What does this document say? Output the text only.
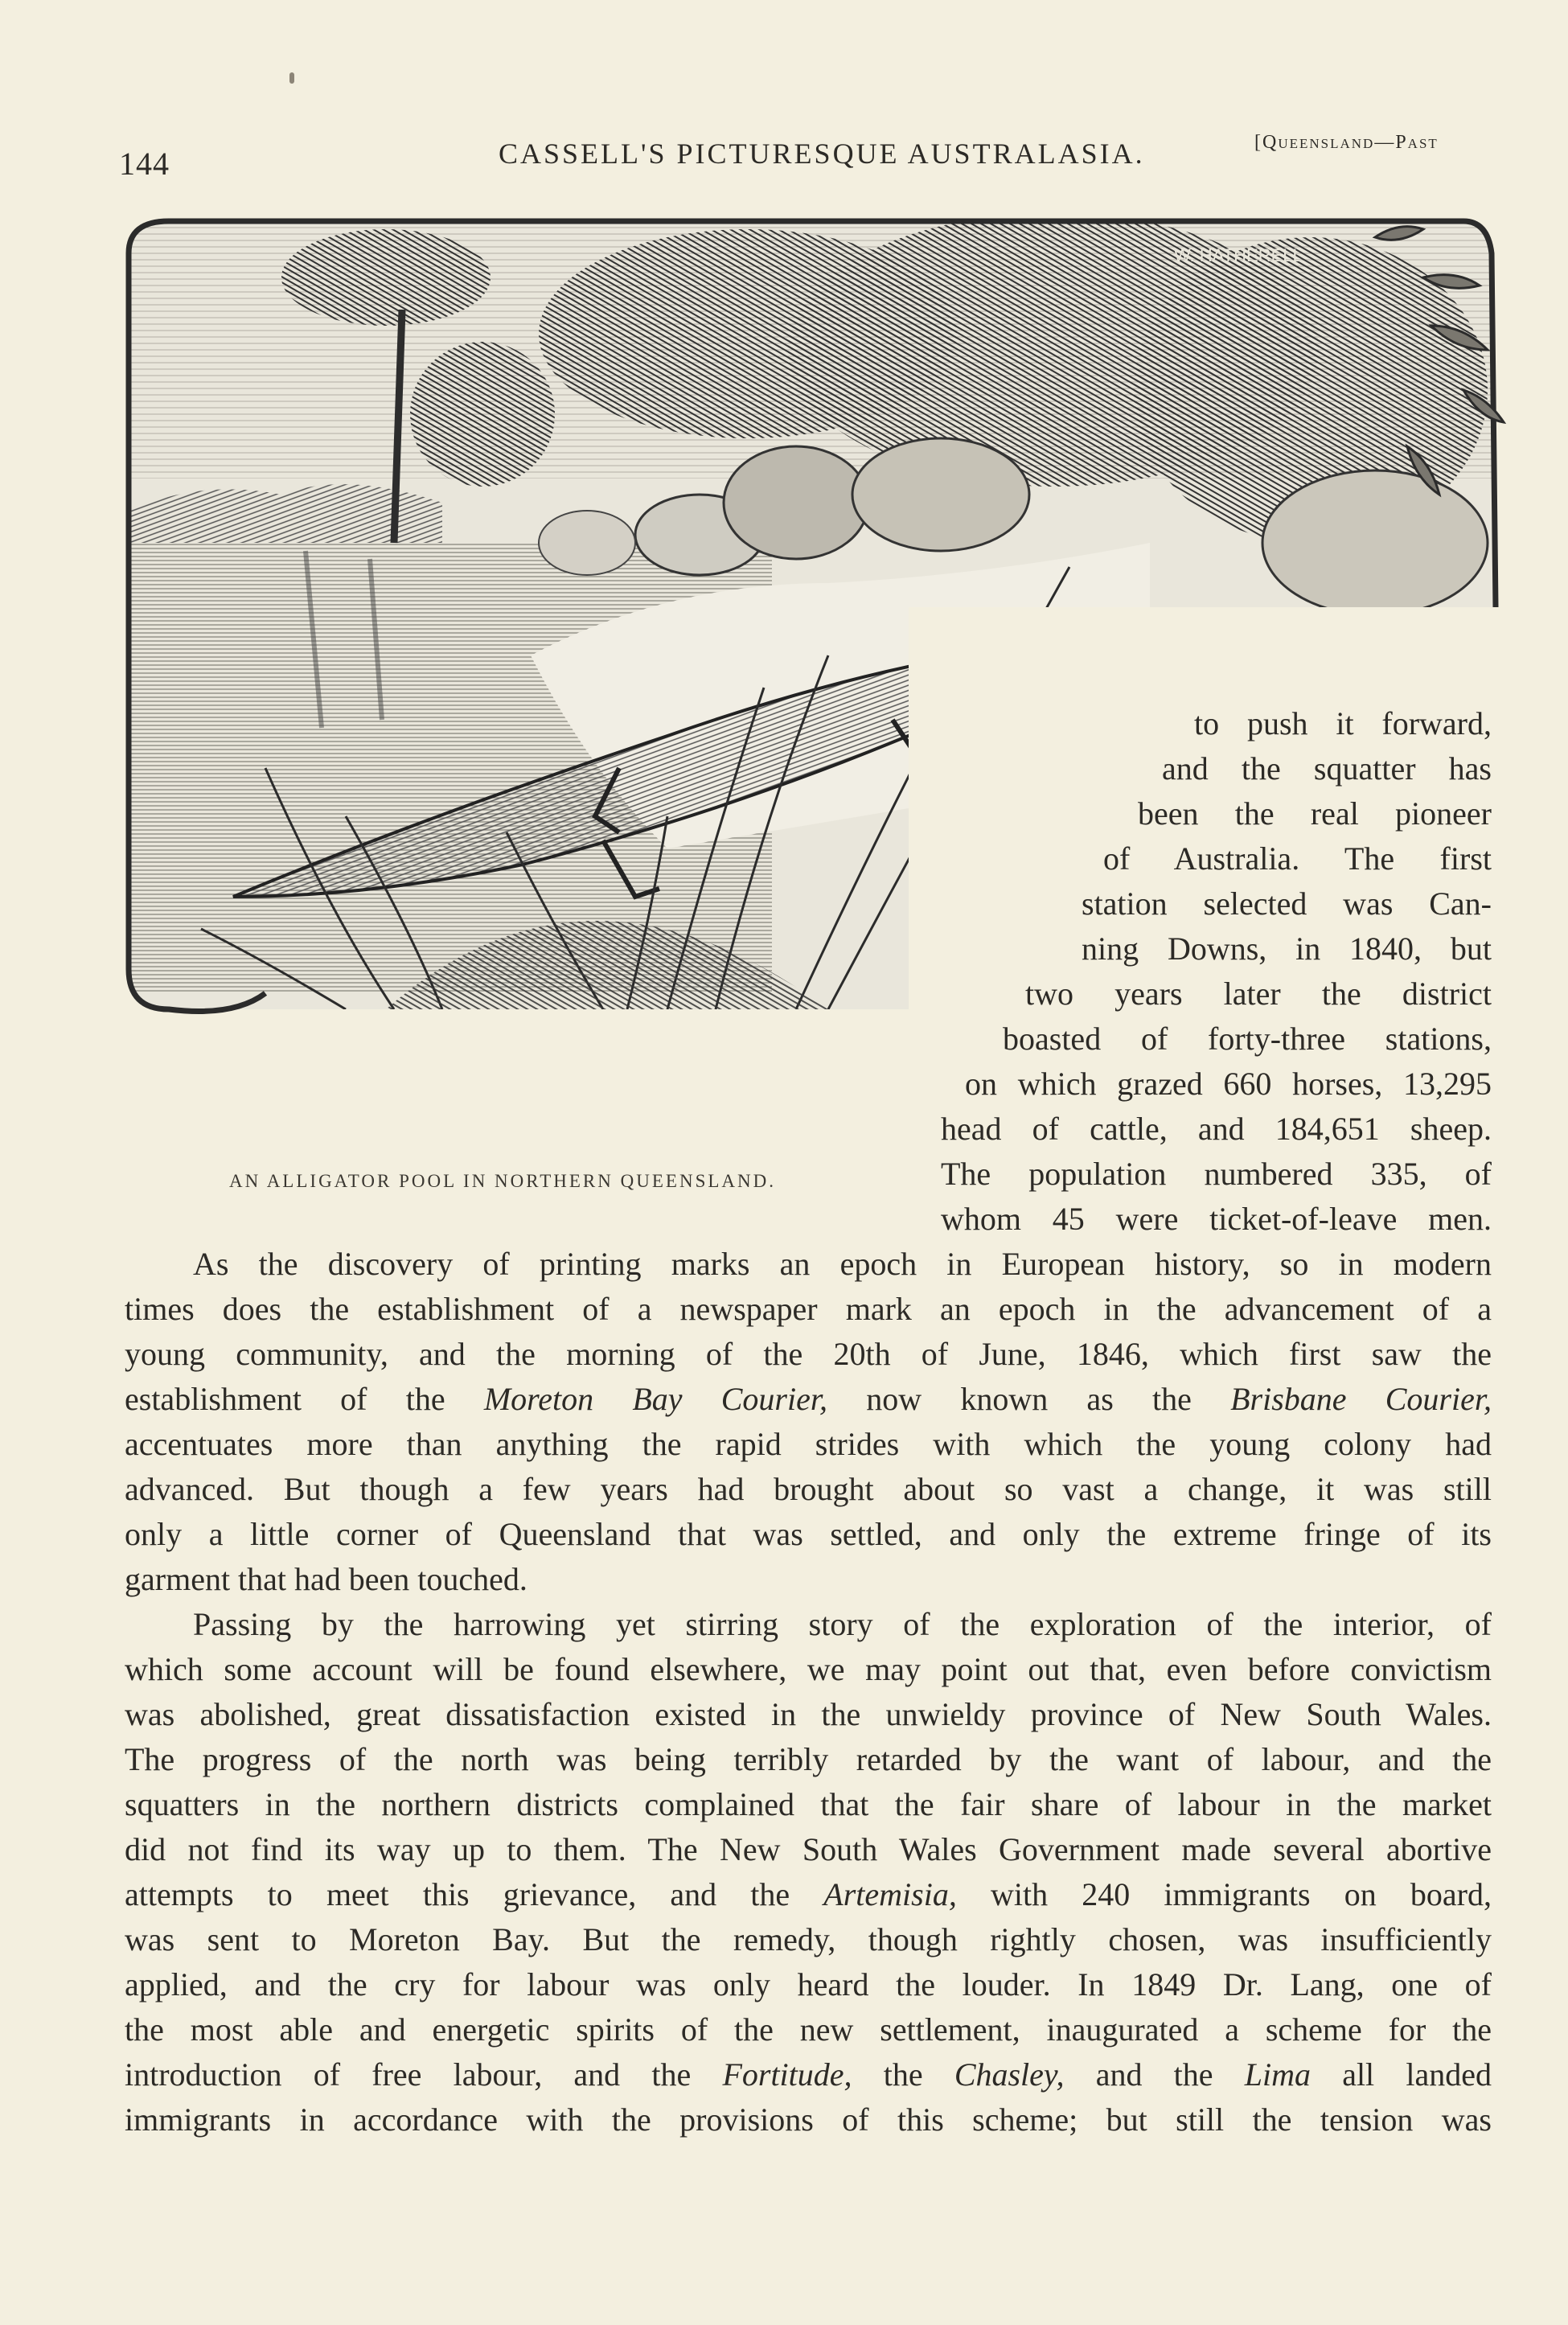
144	CASSELL'S PICTURESQUE AUSTRALASIA.	[Queensland—Past
W. HATHERELL
AN ALLIGATOR POOL IN NORTHERN QUEENSLAND.
to push it forward,
and the squatter has
been the real pioneer
of Australia. The first
station selected was Can-
ning Downs, in 1840, but
two years later the district
boasted of forty-three stations,
on which grazed 660 horses, 13,295
head of cattle, and 184,651 sheep.
The population numbered 335, of
whom 45 were ticket-of-leave men.
As the discovery of printing marks an epoch in European history, so in modern
times does the establishment of a newspaper mark an epoch in the advancement of a
young community, and the morning of the 20th of June, 1846, which first saw the
establishment of the Moreton Bay Courier, now known as the Brisbane Courier,
accentuates more than anything the rapid strides with which the young colony had
advanced. But though a few years had brought about so vast a change, it was still
only a little corner of Queensland that was settled, and only the extreme fringe of its
garment that had been touched.
Passing by the harrowing yet stirring story of the exploration of the interior, of
which some account will be found elsewhere, we may point out that, even before convictism
was abolished, great dissatisfaction existed in the unwieldy province of New South Wales.
The progress of the north was being terribly retarded by the want of labour, and the
squatters in the northern districts complained that the fair share of labour in the market
did not find its way up to them. The New South Wales Government made several abortive
attempts to meet this grievance, and the Artemisia, with 240 immigrants on board,
was sent to Moreton Bay. But the remedy, though rightly chosen, was insufficiently
applied, and the cry for labour was only heard the louder. In 1849 Dr. Lang, one of
the most able and energetic spirits of the new settlement, inaugurated a scheme for the
introduction of free labour, and the Fortitude, the Chasley, and the Lima all landed
immigrants in accordance with the provisions of this scheme; but still the tension was
